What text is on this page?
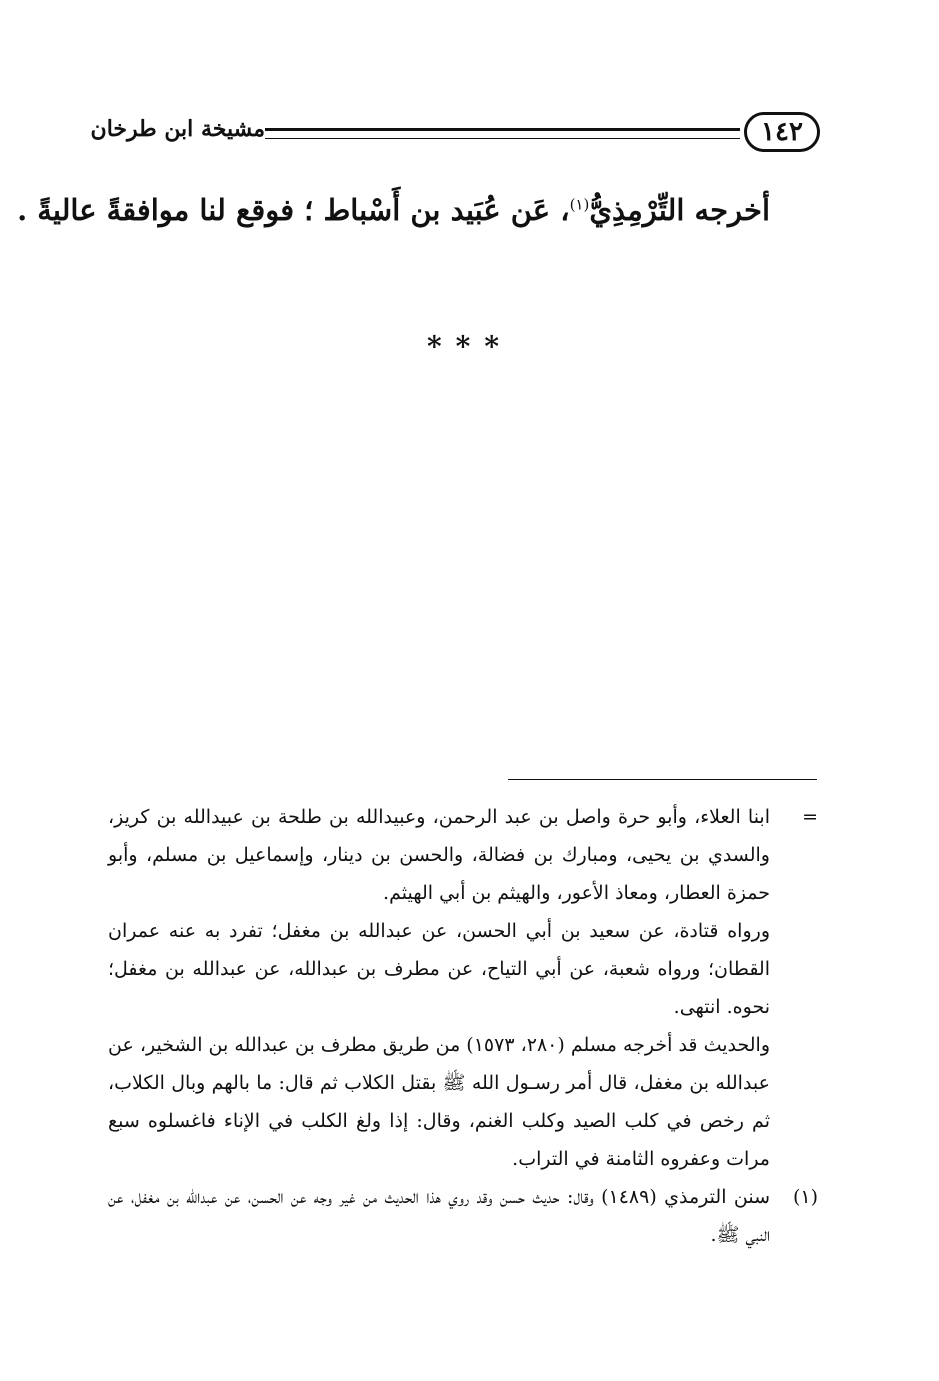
١٤٢
مشيخة ابن طرخان
أخرجه التِّرْمِذِيُّ$^{(١)}$، عَن عُبَيد بن أَسْباط ؛ فوقع لنا موافقةً عاليةً .
***
=

ابنا العلاء، وأبو حرة واصل بن عبد الرحمن، وعبيدالله بن طلحة بن عبيدالله بن كريز، والسدي بن يحيى، ومبارك بن فضالة، والحسن بن دينار، وإسماعيل بن مسلم، وأبو حمزة العطار، ومعاذ الأعور، والهيثم بن أبي الهيثم.

ورواه قتادة، عن سعيد بن أبي الحسن، عن عبدالله بن مغفل؛ تفرد به عنه عمران القطان؛ ورواه شعبة، عن أبي التياح، عن مطرف بن عبدالله، عن عبدالله بن مغفل؛ نحوه. انتهى.

والحديث قد أخرجه مسلم (٢٨٠، ١٥٧٣) من طريق مطرف بن عبدالله بن الشخير، عن عبدالله بن مغفل، قال أمر رسـول الله ﷺ بقتل الكلاب ثم قال: ما بالهم وبال الكلاب، ثم رخص في كلب الصيد وكلب الغنم، وقال: إذا ولغ الكلب في الإناء فاغسلوه سبع مرات وعفروه الثامنة في التراب.

(١)

سنن الترمذي (١٤٨٩) وقال: حديث حسن وقد روي هذا الحديث من غير وجه عن الحسن، عن عبدالله بن مغفل، عن النبي ﷺ.
